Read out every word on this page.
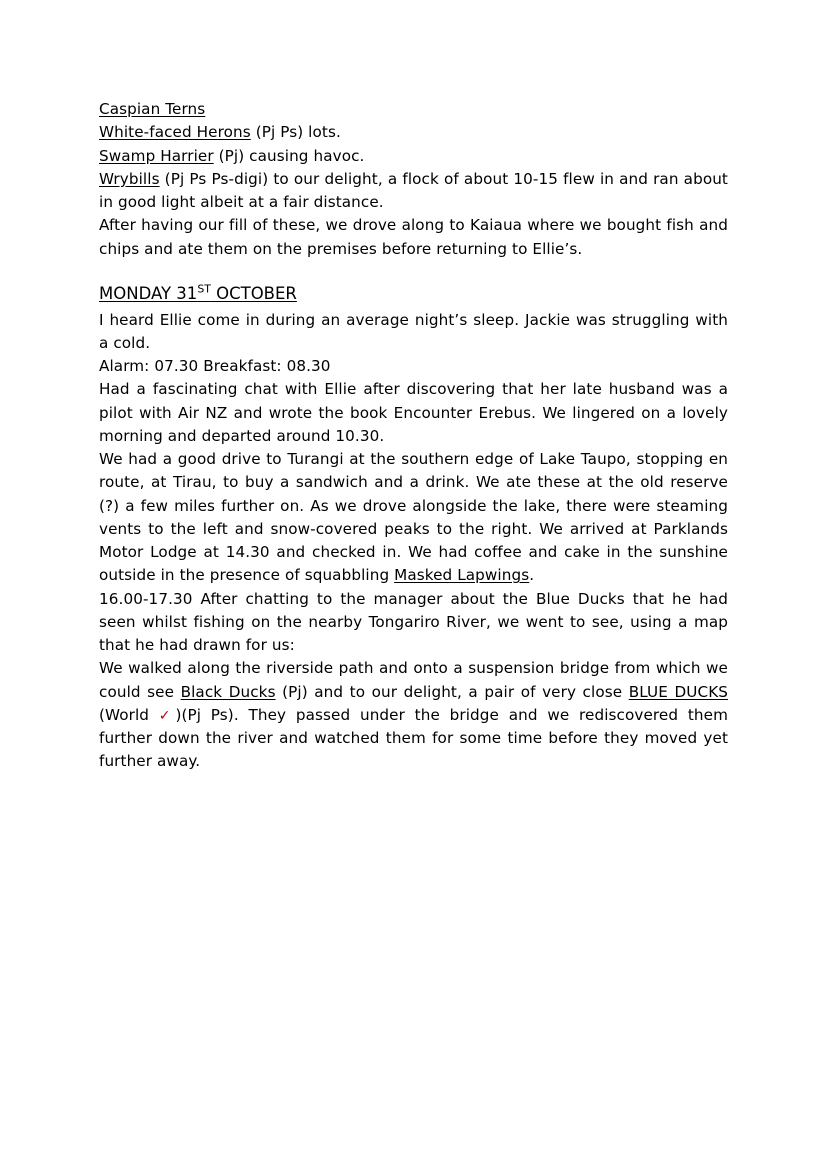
Caspian Terns

White-faced Herons (Pj Ps) lots.

Swamp Harrier (Pj) causing havoc.

Wrybills (Pj Ps Ps-digi) to our delight, a flock of about 10-15 flew in and ran about in good light albeit at a fair distance.

After having our fill of these, we drove along to Kaiaua where we bought fish and chips and ate them on the premises before returning to Ellie’s.

MONDAY 31ST OCTOBER

I heard Ellie come in during an average night’s sleep. Jackie was struggling with a cold.

Alarm: 07.30 Breakfast: 08.30

Had a fascinating chat with Ellie after discovering that her late husband was a pilot with Air NZ and wrote the book Encounter Erebus. We lingered on a lovely morning and departed around 10.30.

We had a good drive to Turangi at the southern edge of Lake Taupo, stopping en route, at Tirau, to buy a sandwich and a drink. We ate these at the old reserve (?) a few miles further on. As we drove alongside the lake, there were steaming vents to the left and snow-covered peaks to the right. We arrived at Parklands Motor Lodge at 14.30 and checked in. We had coffee and cake in the sunshine outside in the presence of squabbling Masked Lapwings.

16.00-17.30 After chatting to the manager about the Blue Ducks that he had seen whilst fishing on the nearby Tongariro River, we went to see, using a map that he had drawn for us:

We walked along the riverside path and onto a suspension bridge from which we could see Black Ducks (Pj) and to our delight, a pair of very close BLUE DUCKS (World ✓)(Pj Ps). They passed under the bridge and we rediscovered them further down the river and watched them for some time before they moved yet further away.
